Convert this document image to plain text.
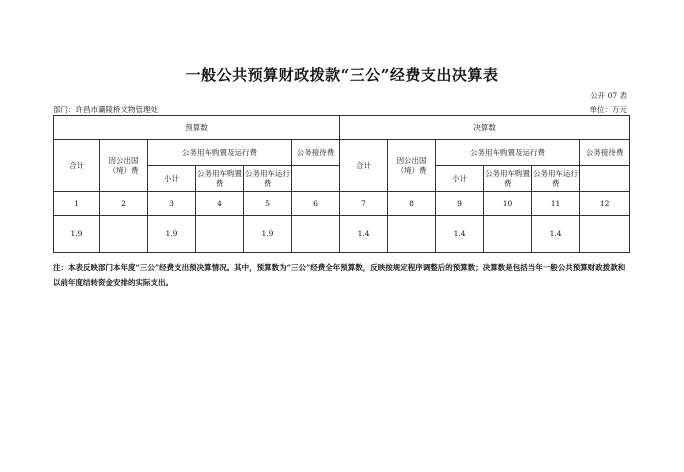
一般公共预算财政拨款“三公”经费支出决算表
公开 07 表
部门：许昌市灞陵桥文物管理处	单位：万元
预算数						决算数					
合计	因公出国（境）费	公务用车购置及运行费			公务接待费	合计	因公出国（境）费	公务用车购置及运行费			公务接待费
		小计	公务用车购置费	公务用车运行费				小计	公务用车购置费	公务用车运行费	
1	2	3	4	5	6	7	8	9	10	11	12
1.9		1.9		1.9		1.4		1.4		1.4	
注：本表反映部门本年度“三公”经费支出预决算情况。其中，预算数为“三公”经费全年预算数，反映按规定程序调整后的预算数；决算数是包括当年一般公共预算财政拨款和以前年度结转资金安排的实际支出。
